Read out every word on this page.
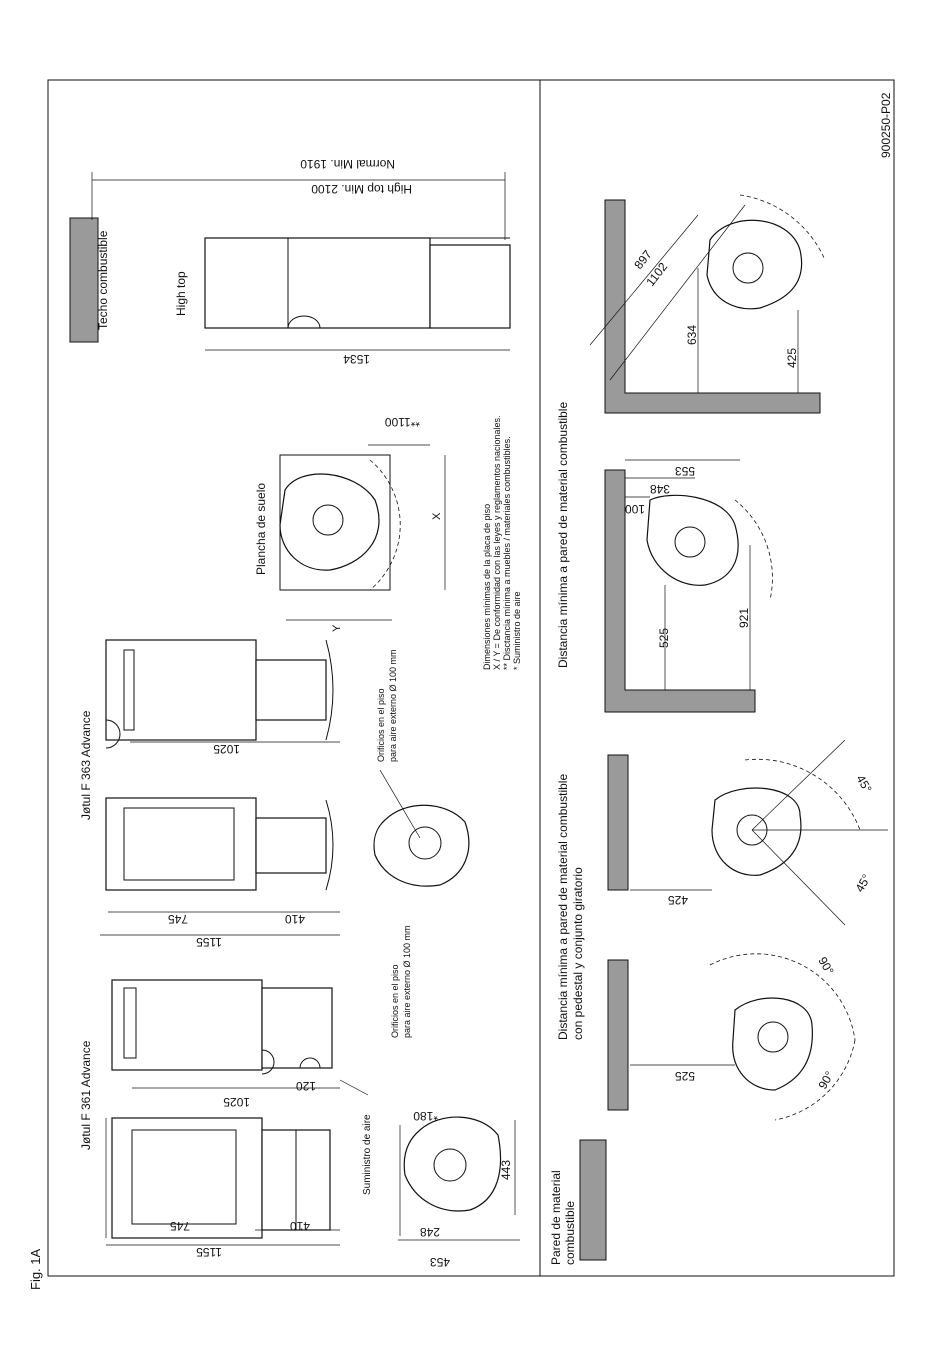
Fig. 1A
900250-P02
Jøtul F 361 Advance
1155
745	410
1025
120
Suministro de aire
Orificios en el piso para aire externo Ø 100 mm
*180
443
248
453
Jøtul F 363 Advance
1155
745	410
1025	Orificios en el piso para aire externo Ø 100 mm
Plancha de suelo
Y
X
**1100
Dimensiones mínimas de la placa de piso X / Y = De conformidad con las leyes y reglamentos nacionales. ** Disctancia mínima a muebles / materiales combustibles. * Suministro de aire
Techo combustible	High top
1534
Normal Min. 1910
High top Min. 2100
Pared de material combustible
Distancia mínima a pared de material combustible con pedestal y conjunto giratorio
525
90°
90°
425
45°
45°
Distancia mínima a pared de material combustible	525
921
100
348
553
634
425
897
1102
